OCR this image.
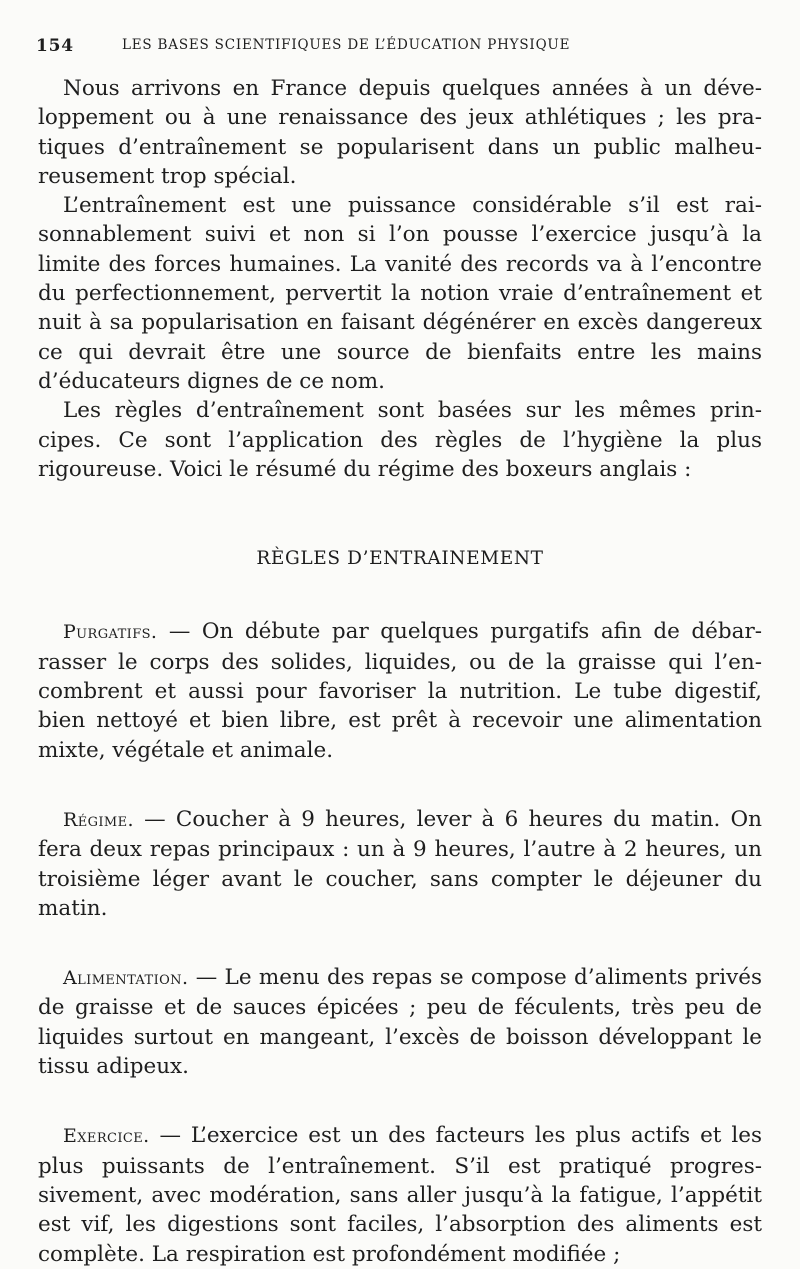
154	LES BASES SCIENTIFIQUES DE L’ÉDUCATION PHYSIQUE

Nous arrivons en France depuis quelques années à un développement ou à une renaissance des jeux athlétiques ; les pratiques d’entraînement se popularisent dans un public malheureusement trop spécial.

L’entraînement est une puissance considérable s’il est raisonnablement suivi et non si l’on pousse l’exercice jusqu’à la limite des forces humaines. La vanité des records va à l’encontre du perfectionnement, pervertit la notion vraie d’entraînement et nuit à sa popularisation en faisant dégénérer en excès dangereux ce qui devrait être une source de bienfaits entre les mains d’éducateurs dignes de ce nom.

Les règles d’entraînement sont basées sur les mêmes principes. Ce sont l’application des règles de l’hygiène la plus rigoureuse. Voici le résumé du régime des boxeurs anglais :

RÈGLES D’ENTRAINEMENT

Purgatifs. — On débute par quelques purgatifs afin de débarrasser le corps des solides, liquides, ou de la graisse qui l’encombrent et aussi pour favoriser la nutrition. Le tube digestif, bien nettoyé et bien libre, est prêt à recevoir une alimentation mixte, végétale et animale.

Régime. — Coucher à 9 heures, lever à 6 heures du matin. On fera deux repas principaux : un à 9 heures, l’autre à 2 heures, un troisième léger avant le coucher, sans compter le déjeuner du matin.

Alimentation. — Le menu des repas se compose d’aliments privés de graisse et de sauces épicées ; peu de féculents, très peu de liquides surtout en mangeant, l’excès de boisson développant le tissu adipeux.

Exercice. — L’exercice est un des facteurs les plus actifs et les plus puissants de l’entraînement. S’il est pratiqué progressivement, avec modération, sans aller jusqu’à la fatigue, l’appétit est vif, les digestions sont faciles, l’absorption des aliments est complète. La respiration est profondément modifiée ;
